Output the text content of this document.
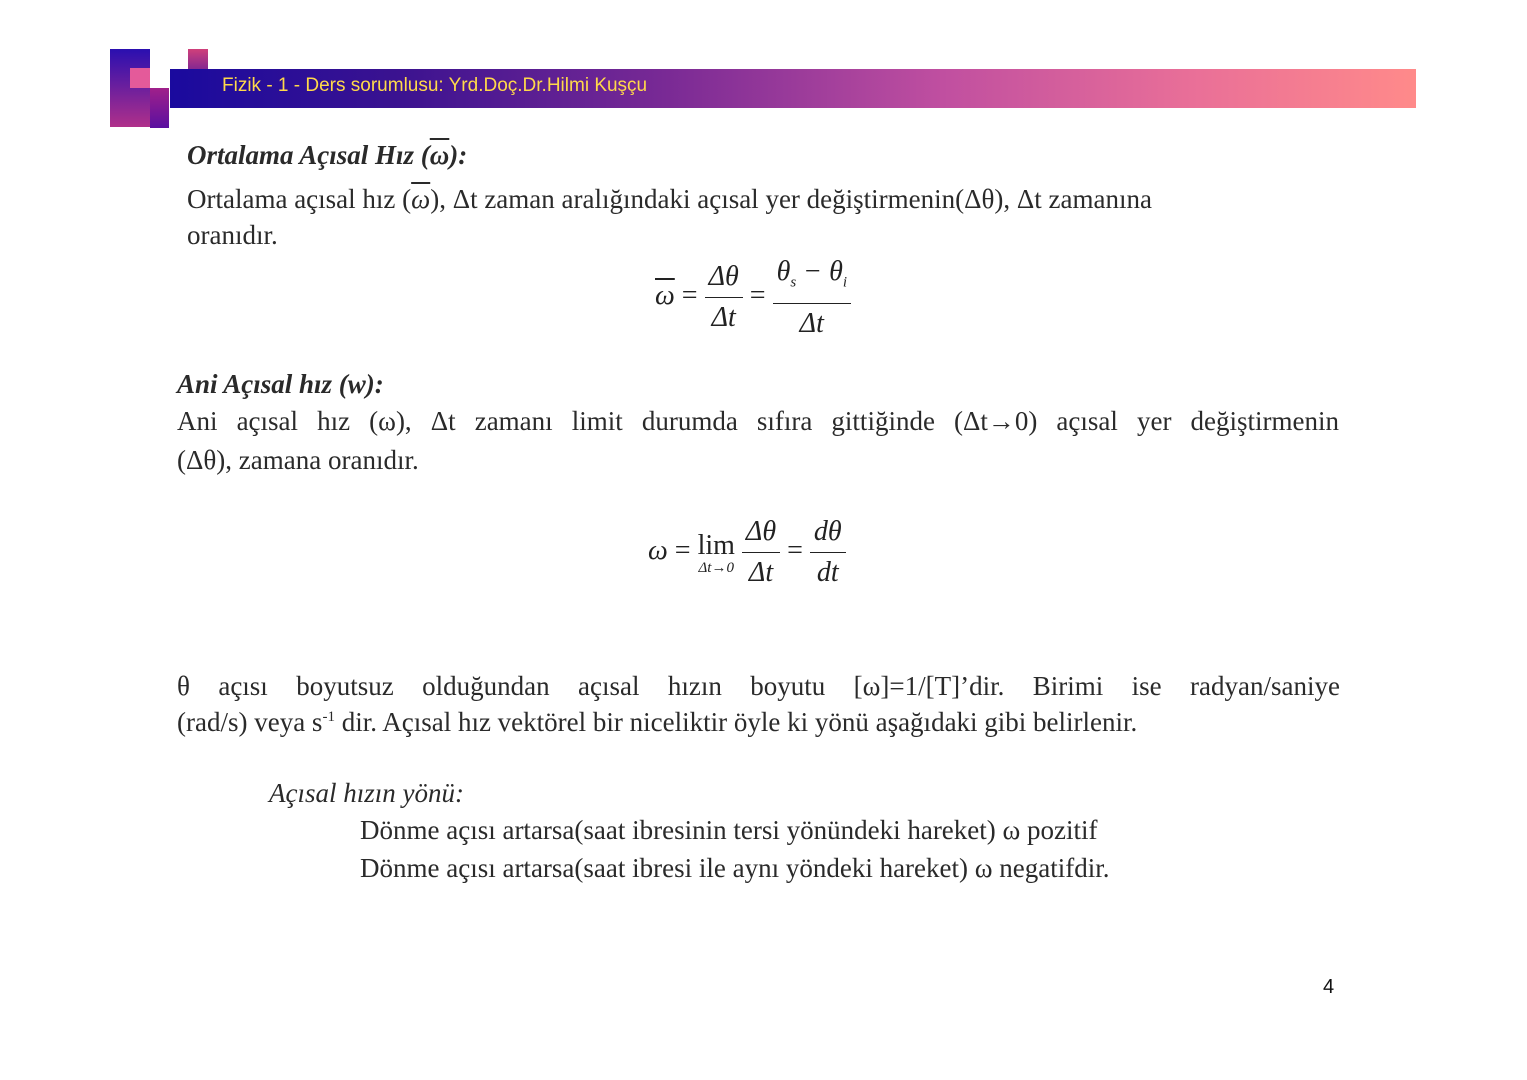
Fizik - 1 - Ders sorumlusu: Yrd.Doç.Dr.Hilmi Kuşçu
Ortalama Açısal Hız $(\overline{\omega})$:
Ortalama açısal hız $(\overline{\omega})$, Δt zaman aralığındaki açısal yer değiştirmenin(Δθ), Δt zamanına
oranıdır.
$\overline{\omega} = \frac{\Delta\theta}{\Delta t} = \frac{\theta_s - \theta_i}{\Delta t}$
Ani Açısal hız (w):
Ani açısal hız (ω), Δt zamanı limit durumda sıfıra gittiğinde (Δt→0) açısal yer değiştirmenin
(Δθ), zamana oranıdır.
ω = lim
Δt→0
$\frac{\Delta\theta}{\Delta t} = \frac{d\theta}{dt}$
θ açısı boyutsuz olduğundan açısal hızın boyutu [ω]=1/[T]’dir. Birimi ise radyan/saniye
(rad/s) veya $s^{-1}$ dir. Açısal hız vektörel bir niceliktir öyle ki yönü aşağıdaki gibi belirlenir.
Açısal hızın yönü:
Dönme açısı artarsa(saat ibresinin tersi yönündeki hareket) ω pozitif
Dönme açısı artarsa(saat ibresi ile aynı yöndeki hareket) ω negatifdir.
4
